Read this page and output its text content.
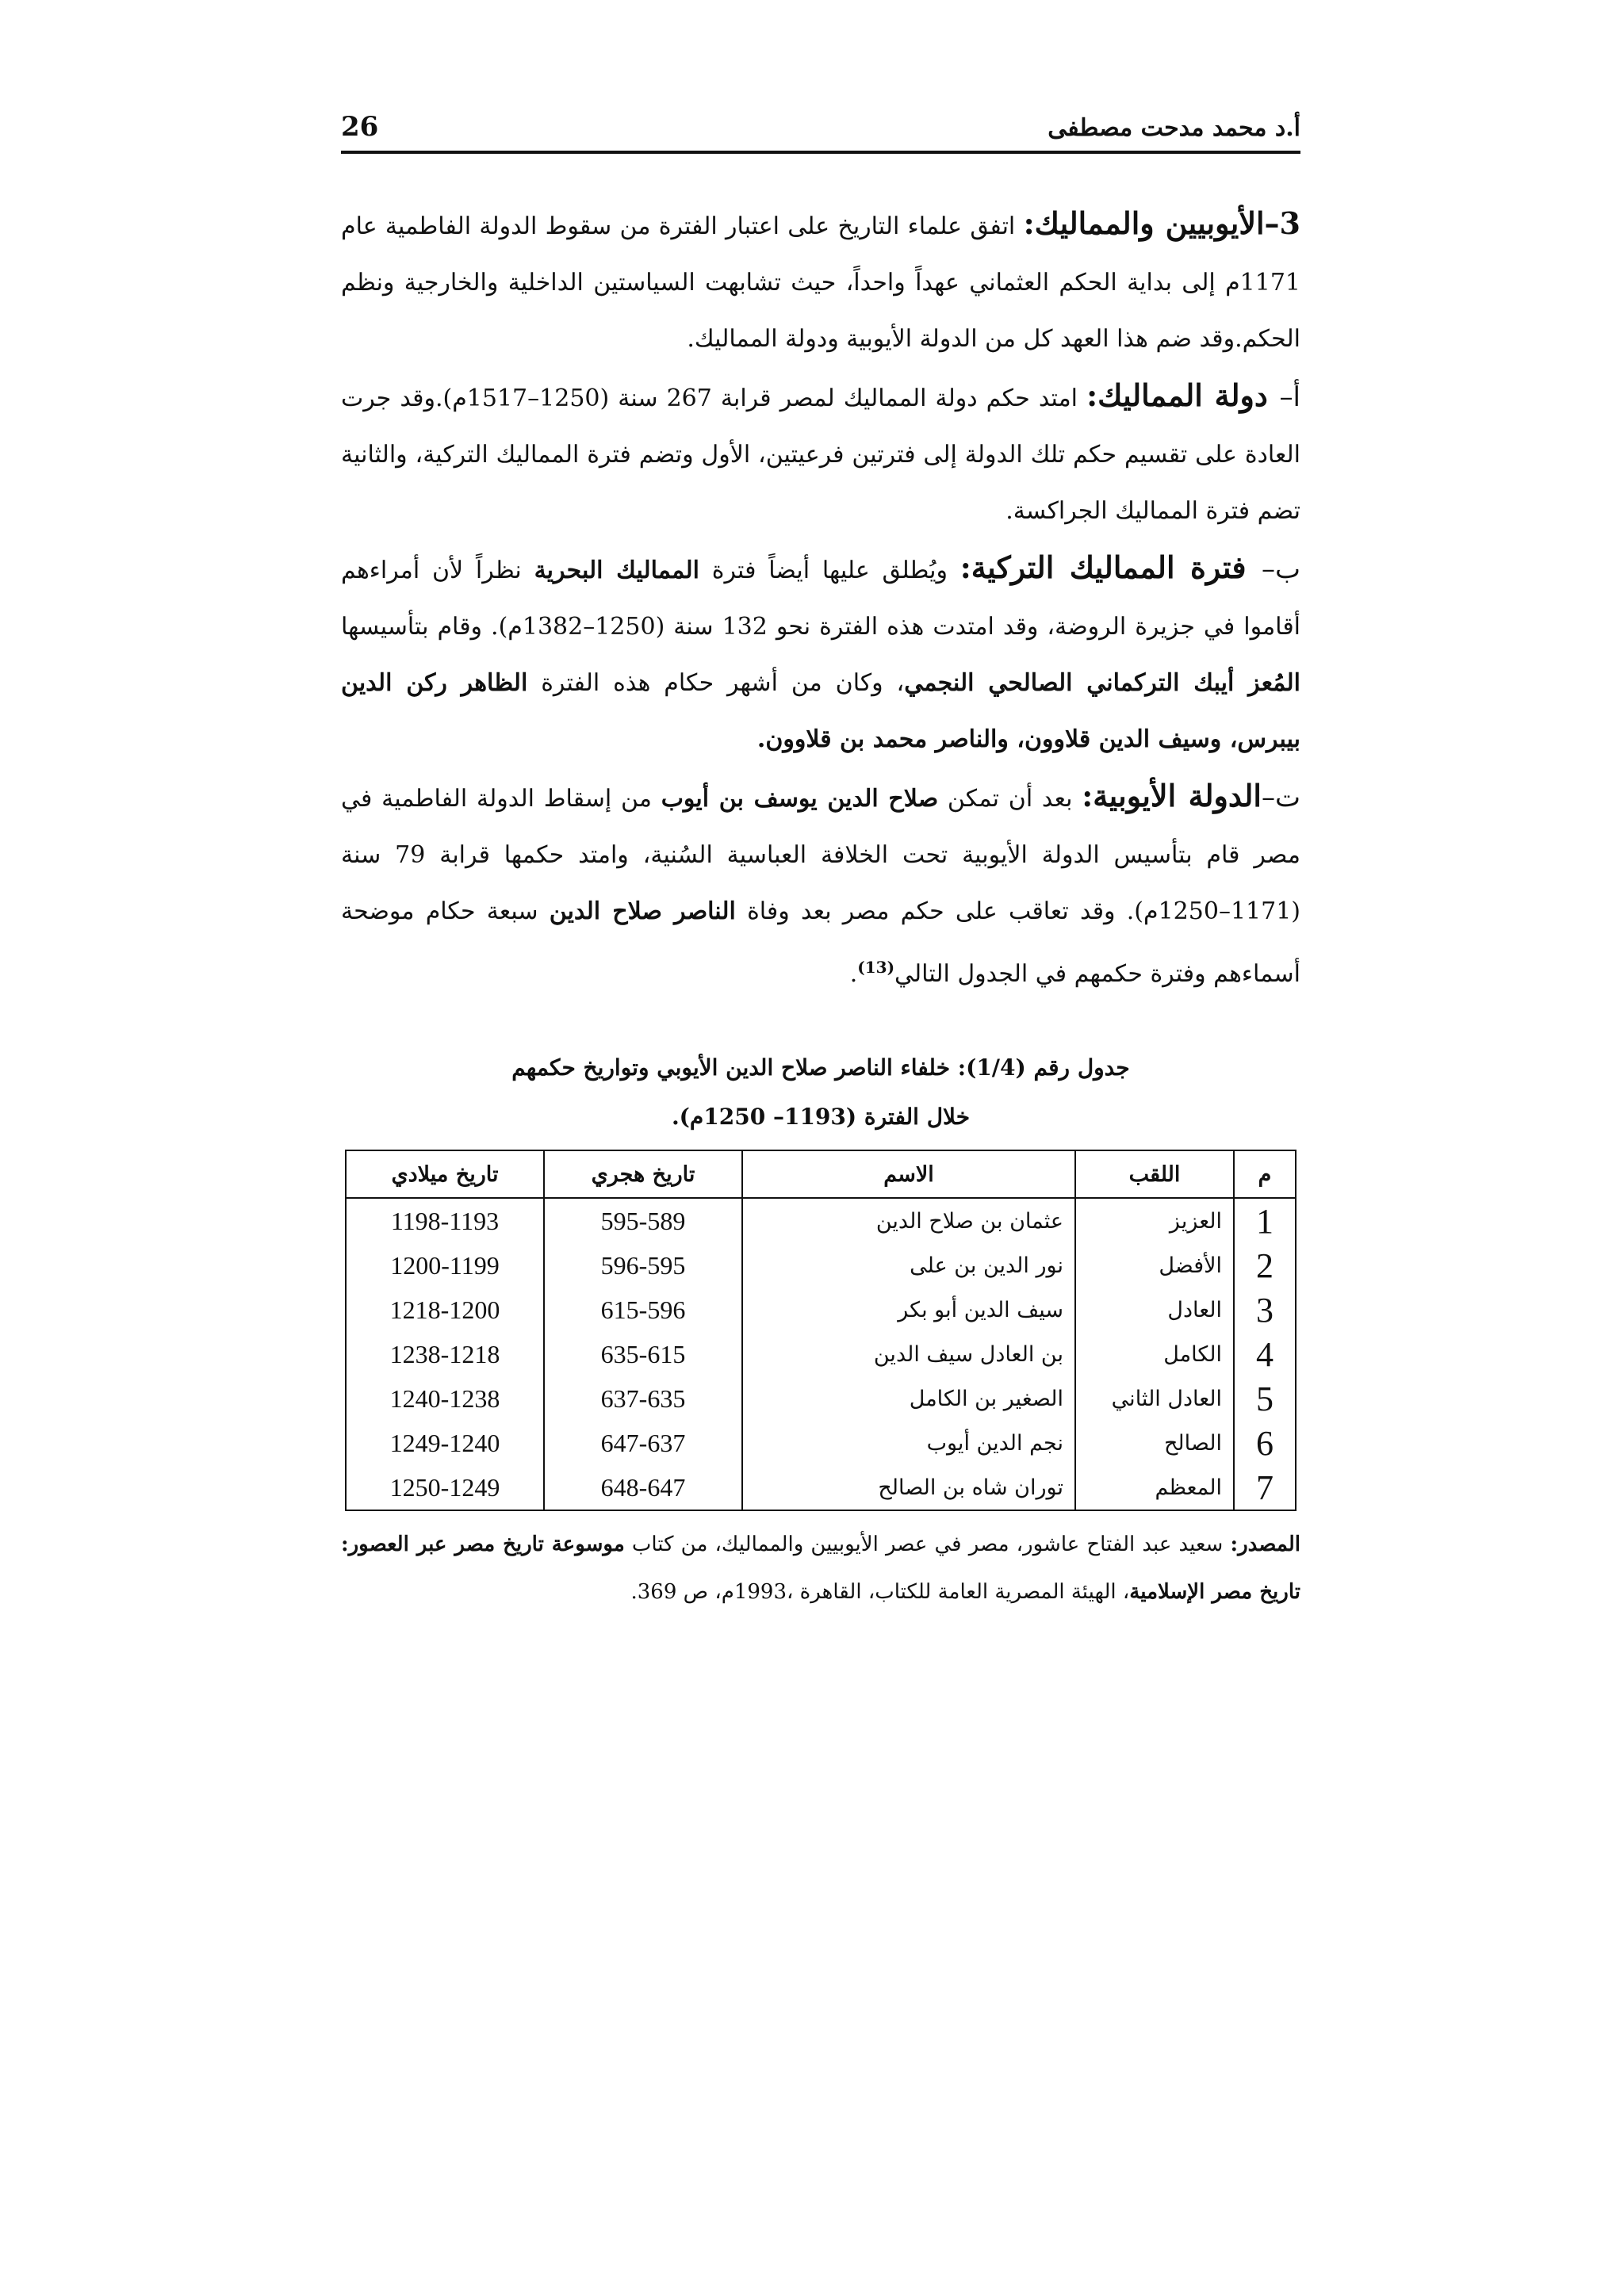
26	أ.د محمد مدحت مصطفى

3–الأيوبيين والمماليك: اتفق علماء التاريخ على اعتبار الفترة من سقوط الدولة الفاطمية عام 1171م إلى بداية الحكم العثماني عهداً واحداً، حيث تشابهت السياستين الداخلية والخارجية ونظم الحكم.وقد ضم هذا العهد كل من الدولة الأيوبية ودولة المماليك.

أ– دولة المماليك: امتد حكم دولة المماليك لمصر قرابة 267 سنة (1250–1517م).وقد جرت العادة على تقسيم حكم تلك الدولة إلى فترتين فرعيتين، الأول وتضم فترة المماليك التركية، والثانية تضم فترة المماليك الجراكسة.

ب– فترة المماليك التركية: ويُطلق عليها أيضاً فترة المماليك البحرية نظراً لأن أمراءهم أقاموا في جزيرة الروضة، وقد امتدت هذه الفترة نحو 132 سنة (1250–1382م). وقام بتأسيسها المُعز أيبك التركماني الصالحي النجمي، وكان من أشهر حكام هذه الفترة الظاهر ركن الدين بيبرس، وسيف الدين قلاوون، والناصر محمد بن قلاوون.

ت–الدولة الأيوبية: بعد أن تمكن صلاح الدين يوسف بن أيوب من إسقاط الدولة الفاطمية في مصر قام بتأسيس الدولة الأيوبية تحت الخلافة العباسية السُنية، وامتد حكمها قرابة 79 سنة (1171–1250م). وقد تعاقب على حكم مصر بعد وفاة الناصر صلاح الدين سبعة حكام موضحة أسماءهم وفترة حكمهم في الجدول التالي$^{(13)}$.

جدول رقم (1/4): خلفاء الناصر صلاح الدين الأيوبي وتواريخ حكمهم
خلال الفترة (1193– 1250م).
م	اللقب	الاسم	تاريخ هجري	تاريخ ميلادي
1	العزيز	عثمان بن صلاح الدين	595-589	1198-1193
2	الأفضل	نور الدين بن على	596-595	1200-1199
3	العادل	سيف الدين أبو بكر	615-596	1218-1200
4	الكامل	بن العادل سيف الدين	635-615	1238-1218
5	العادل الثاني	الصغير بن الكامل	637-635	1240-1238
6	الصالح	نجم الدين أيوب	647-637	1249-1240
7	المعظم	توران شاه بن الصالح	648-647	1250-1249
المصدر: سعيد عبد الفتاح عاشور، مصر في عصر الأيوبيين والمماليك، من كتاب موسوعة تاريخ مصر عبر العصور: تاريخ مصر الإسلامية، الهيئة المصرية العامة للكتاب، القاهرة ،1993م، ص 369.
